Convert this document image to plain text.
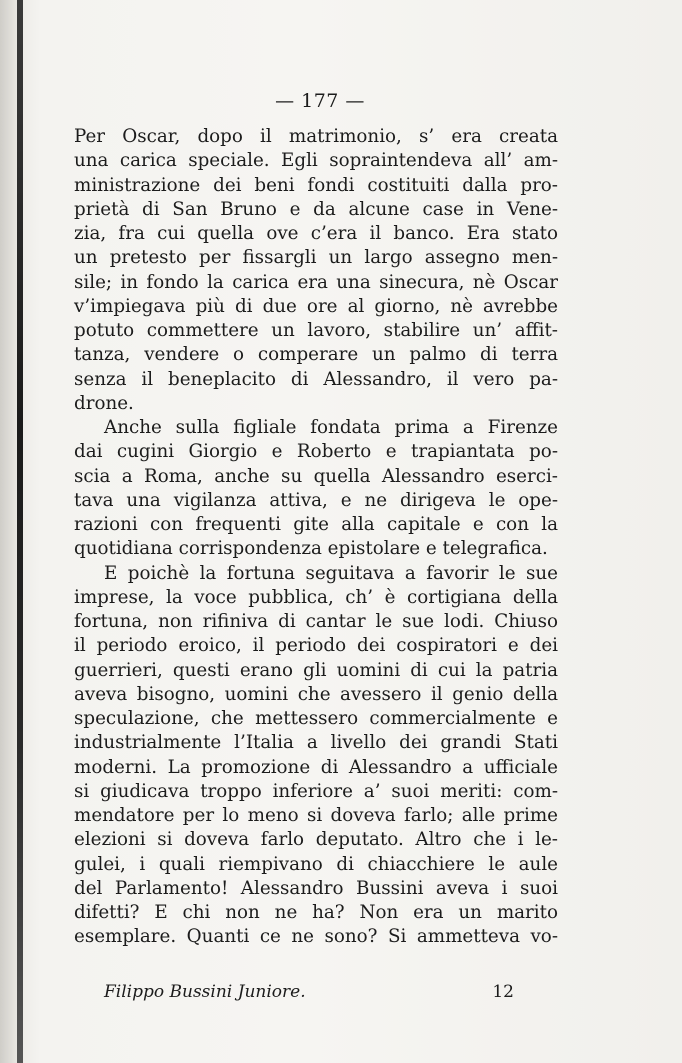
— 177 —
Per Oscar, dopo il matrimonio, s’ era creata
una carica speciale. Egli sopraintendeva all’ am-
ministrazione dei beni fondi costituiti dalla pro-
prietà di San Bruno e da alcune case in Vene-
zia, fra cui quella ove c’era il banco. Era stato
un pretesto per fissargli un largo assegno men-
sile; in fondo la carica era una sinecura, nè Oscar
v’impiegava più di due ore al giorno, nè avrebbe
potuto commettere un lavoro, stabilire un’ affit-
tanza, vendere o comperare un palmo di terra
senza il beneplacito di Alessandro, il vero pa-
drone.
Anche sulla figliale fondata prima a Firenze
dai cugini Giorgio e Roberto e trapiantata po-
scia a Roma, anche su quella Alessandro eserci-
tava una vigilanza attiva, e ne dirigeva le ope-
razioni con frequenti gite alla capitale e con la
quotidiana corrispondenza epistolare e telegrafica.
E poichè la fortuna seguitava a favorir le sue
imprese, la voce pubblica, ch’ è cortigiana della
fortuna, non rifiniva di cantar le sue lodi. Chiuso
il periodo eroico, il periodo dei cospiratori e dei
guerrieri, questi erano gli uomini di cui la patria
aveva bisogno, uomini che avessero il genio della
speculazione, che mettessero commercialmente e
industrialmente l’Italia a livello dei grandi Stati
moderni. La promozione di Alessandro a ufficiale
si giudicava troppo inferiore a’ suoi meriti: com-
mendatore per lo meno si doveva farlo; alle prime
elezioni si doveva farlo deputato. Altro che i le-
gulei, i quali riempivano di chiacchiere le aule
del Parlamento! Alessandro Bussini aveva i suoi
difetti? E chi non ne ha? Non era un marito
esemplare. Quanti ce ne sono? Si ammetteva vo-
Filippo Bussini Juniore.	12
